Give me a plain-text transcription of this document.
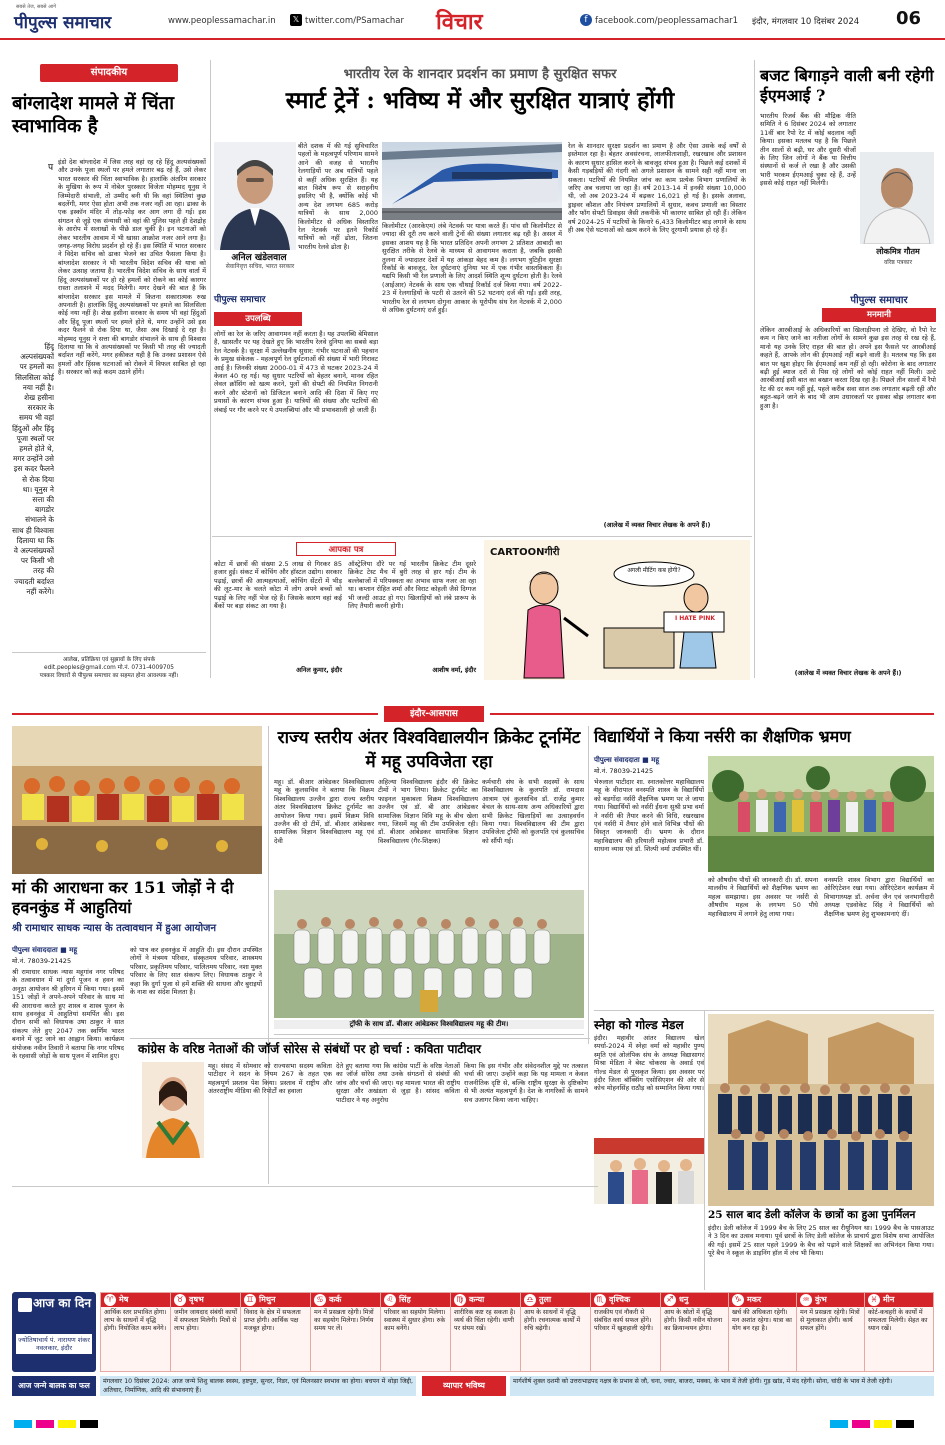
पीपुल्स समाचार
सबसे तेज, सबसे आगे
www.peoplessamachar.in	𝕏 twitter.com/PSamachar विचार	f facebook.com/peoplessamachar1 इंदौर, मंगलवार 10 दिसंबर 2024 06
संपादकीय
बांग्लादेश मामले में चिंता स्वाभाविक है
इंडो देश बांग्लादेश में जिस तरह वहां रह रहे हिंदू अल्पसंख्यकों और उनके पूजा स्थलों पर हमले लगातार बढ़ रहे हैं, उसे लेकर भारत सरकार की चिंता स्वाभाविक है। हालांकि अंतरिम सरकार के मुखिया के रूप में नोबेल पुरस्कार विजेता मोहम्मद यूनुस ने जिम्मेदारी संभाली, तो उम्मीद बनी थी कि वहां स्थितियां कुछ बदलेंगी, मगर ऐसा होता अभी तक नजर नहीं आ रहा। ढाका के एक इस्कॉन मंदिर में तोड़-फोड़ कर आग लगा दी गई। इस संगठन से जुड़े एक संन्यासी को वहां की पुलिस पहले ही देशद्रोह के आरोप में सलाखों के पीछे डाल चुकी है। इन घटनाओं को लेकर भारतीय आवाम में भी खासा आक्रोश नजर आने लगा है। जगह-जगह विरोध प्रदर्शन हो रहे हैं। इस स्थिति में भारत सरकार ने विदेश सचिव को ढाका भेजने का उचित फैसला किया है। बांग्लादेश सरकार ने भी भारतीय विदेश सचिव की यात्रा को लेकर उत्साह जताया है। भारतीय विदेश सचिव के साथ वार्ता में हिंदू अल्पसंख्यकों पर हो रहे हमलों को रोकने का कोई कारगर रास्ता तलाशने में मदद मिलेगी। मगर देखने की बात है कि बांग्लादेश सरकार इस मामले में कितना सकारात्मक रुख अपनाती है। हालांकि हिंदू अल्पसंख्यकों पर हमले का सिलसिला कोई नया नहीं है। शेख हसीना सरकार के समय भी वहां हिंदुओं और हिंदू पूजा स्थलों पर हमले होते थे, मगर उन्होंने उसे इस कदर फैलने से रोक दिया था, जैसा अब दिखाई दे रहा है। मोहम्मद यूनुस ने सत्ता की बागडोर संभालने के साथ ही विश्वास दिलाया था कि वे अल्पसंख्यकों पर किसी भी तरह की ज्यादती बर्दाश्त नहीं करेंगे, मगर हकीकत यही है कि उनका प्रशासन ऐसे हमलों और हिंसक घटनाओं को रोकने में विफल साबित हो रहा है। सरकार को कड़े कदम उठाने होंगे।
प
हिंदू अल्पसंख्यकों पर हमलों का सिलसिला कोई नया नहीं है। शेख हसीना सरकार के समय भी वहां हिंदुओं और हिंदू पूजा स्थलों पर हमले होते थे, मगर उन्होंने उसे इस कदर फैलने से रोक दिया था। यूनुस ने सत्ता की बागडोर संभालने के साथ ही विश्वास दिलाया था कि वे अल्पसंख्यकों पर किसी भी तरह की ज्यादती बर्दाश्त नहीं करेंगे।
आलेख, प्रतिक्रिया एवं सुझावों के लिए संपर्क
edit.peoples@gmail.com मो.नं. 0731-4009705
पत्रकार विचारों से पीपुल्स समाचार का सहमत होना आवश्यक नहीं।
भारतीय रेल के शानदार प्रदर्शन का प्रमाण है सुरक्षित सफर
स्मार्ट ट्रेनें : भविष्य में और सुरक्षित यात्राएं होंगी
अनिल खंडेलवाल
सेवानिवृत्त सचिव, भारत सरकार
बीते दशक में की गई सुविचारित पहलों के महत्वपूर्ण परिणाम सामने आने की वजह से भारतीय रेलगाड़ियों पर अब यात्रियों पहले से कहीं अधिक सुरक्षित हैं। यह बात विशेष रूप से सराहनीय इसलिए भी है, क्योंकि कोई भी अन्य देश लगभग 685 करोड़ यात्रियों के साथ 2,000 किलोमीटर से अधिक विस्तारित रेल नेटवर्क पर इतने रिकॉर्ड यात्रियों को नहीं ढोता, जितना भारतीय रेलवे ढोता है।
पीपुल्स समाचार
उपलब्धि
किलोमीटर (आरकेएम) लंबे नेटवर्क पर यात्रा करते हैं। पांच सौ किलोमीटर से ज्यादा की दूरी तय करने वाली ट्रेनों की संख्या लगातार बढ़ रही है। असल में इसका आशय यह है कि भारत प्रतिदिन अपनी लगभग 2 प्रतिशत आबादी का सुरक्षित तरीके से रेलवे के माध्यम से आवागमन कराता है, जबकि इसकी तुलना में ज्यादातर देशों में यह आंकड़ा बेहद कम है। लगभग त्रुटिहीन सुरक्षा रिकॉर्ड के बावजूद, रेल दुर्घटनाएं दुनिया भर में एक गंभीर वास्तविकता हैं। यद्यपि किसी भी रेल प्रणाली के लिए आदर्श स्थिति शून्य दुर्घटना होती है। रेलवे (आईआर) नेटवर्क के साथ एक चौथाई रिकॉर्ड दर्ज किया गया। वर्ष 2022-23 में रेलगाड़ियों के पटरी से उतरने की 52 घटनाएं दर्ज की गईं। इसी तरह, भारतीय रेल से लगभग दोगुना आकार के यूरोपीय संघ रेल नेटवर्क में 2,000 से अधिक दुर्घटनाएं दर्ज हुईं।
लोगों का रेल के जरिए आवागमन नहीं करता है। यह उपलब्धि बेमिसाल है, खासतौर पर यह देखते हुए कि भारतीय रेलवे दुनिया का सबसे बड़ा रेल नेटवर्क है। सुरक्षा में उल्लेखनीय सुधार: गंभीर घटनाओं की पहचान के प्रमुख संकेतक - महत्वपूर्ण रेल दुर्घटनाओं की संख्या में भारी गिरावट आई है। जिनकी संख्या 2000-01 में 473 से घटकर 2023-24 में केवल 40 रह गई। यह सुधार पटरियों को बेहतर बनाने, मानव रहित लेवल क्रॉसिंग को खत्म करने, पुलों की सेफ्टी की नियमित निगरानी करने और स्टेशनों को डिजिटल बनाने आदि की दिशा में किए गए प्रयासों के कारण संभव हुआ है। यात्रियों की संख्या और पटरियों की लंबाई पर गौर करने पर ये उपलब्धियां और भी प्रभावशाली हो जाती हैं।
रेल के शानदार सुरक्षा प्रदर्शन का प्रमाण है और ऐसा उसके कई वर्षों से इस्तेमाल रहा है। बेहतर अवसंरचना, लालफीताशाही, रखरखाव और प्रशासन के कारण सुधार हासिल करने के बावजूद संभव हुआ है। पिछले कई दशकों में कैसी गड़बड़ियों की गंदगी को अगले प्रशासन के सामने सही नहीं माना जा सकता। पटरियों की नियमित जांच का काम प्रत्येक विभाग प्रणालियों के जरिए अब चलाया जा रहा है। वर्ष 2013-14 में इनकी संख्या 10,000 थी, जो अब 2023-24 में बढ़कर 16,021 हो गई है। इसके अलावा, ड्राइवर कौशल और नियंत्रण प्रणालियों में सुधार, कवच प्रणाली का विस्तार और फॉग सेफ्टी डिवाइस जैसी तकनीकें भी कारगर साबित हो रही हैं। लेकिन वर्ष 2024-25 में पटरियों के किनारे 6,433 किलोमीटर बाड़ लगाने के साथ ही अब ऐसे घटनाओं को खत्म करने के लिए दूरगामी प्रयास हो रहे हैं।
(आलेख में व्यक्त विचार लेखक के अपने हैं।)
आपका पत्र
कोटा में छात्रों की संख्या 2.5 लाख से गिरकर 85 हजार हुई। संकट में कोचिंग और हॉस्टल उद्योग। सरकार पढ़ाई, छात्रों की आत्महत्याओं, कोचिंग सेंटरों में भीड़ की लूट-मार के चलते कोटा में लोग अपने बच्चों को पढ़ाई के लिए नहीं भेज रहे हैं। जिसके कारण वहां कई बैंकों पर बड़ा संकट आ गया है।
अनिल कुमार, इंदौर
ऑस्ट्रेलिया दौरे पर गई भारतीय क्रिकेट टीम दूसरे क्रिकेट टेस्ट मैच में बुरी तरह से हार गई। टीम के बल्लेबाजों में परिपक्वता का अभाव साफ नजर आ रहा था। कप्तान रोहित शर्मा और विराट कोहली जैसे दिग्गज भी जल्दी आउट हो गए। खिलाड़ियों को लंबे प्रारूप के लिए तैयारी करनी होगी।
आशीष वर्मा, इंदौर
CARTOONगीरी
अगली मीटिंग कब होगी?
I HATE PINK
बजट बिगाड़ने वाली बनी रहेगी ईएमआई ?
भारतीय रिजर्व बैंक की मौद्रिक नीति समिति ने 6 दिसंबर 2024 को लगातार 11वीं बार रैपो रेट में कोई बदलाव नहीं किया। इसका मतलब यह है कि पिछले तीन सालों से बढ़ी, घर और दूसरी चीजों के लिए जिन लोगों ने बैंक या वित्तीय संस्थानों से कर्ज ले रखा है और उसकी भारी भरकम ईएमआई चुका रहे हैं, उन्हें इससे कोई राहत नहीं मिलेगी।
लोकमित्र गौतम
वरिष्ठ पत्रकार
पीपुल्स समाचार
मनमानी
लेकिन आरबीआई के अधिकारियों का खिलाड़ीपना तो देखिए, वो रैपो रेट कम न किए जाने का नतीजा लोगों के सामने कुछ इस तरह से रख रहे हैं, मानो यह उनके लिए राहत की बात हो। अपने इस फैसले पर आरबीआई कहते हैं, आपके लोन की ईएमआई नहीं बढ़ने वाली है। मतलब यह कि इस बात पर खुश होइए कि ईएमआई कम नहीं हो रही। कोरोना के बाद लगातार बढ़ी हुई ब्याज दरों से पिस रहे लोगों को कोई राहत नहीं मिली। उल्टे आरबीआई इसी बात का बखान करता दिख रहा है। पिछले तीन सालों में रैपो रेट की दर कम नहीं हुई, पहले करीब सवा साल तक लगातार बढ़ती रही और बहुत-बढ़ने जाने के बाद भी आम उधारकर्ता पर इसका बोझ लगातार बना हुआ है।
(आलेख में व्यक्त विचार लेखक के अपने हैं।)
इंदौर-आसपास
मां की आराधना कर 151 जोड़ों ने दी हवनकुंड में आहुतियां
श्री रामाधार साधक न्यास के तत्वावधान में हुआ आयोजन
पीपुल्स संवाददाता ■ महू
मो.नं. 78039-21425
श्री रामाधार साधक न्यास महूगांव नगर परिषद के तत्वावधान में मां दुर्गा पूजन व हवन का अनूठा आयोजन श्री हरिगन में किया गया। इसमें 151 जोड़ों ने अपने-अपने परिवार के साथ मां की आराधना करते हुए शास्त्र व शास्त्र पूजन के साथ हवनकुंड में आहुतियां समर्पित की। इस दौरान सभी को विधायक उषा ठाकुर ने सात संकल्प लेते हुए 2047 तक स्वर्णिम भारत बनाने में जुट जाने का आह्वान किया। कार्यक्रम संयोजक नवीन तिवारी ने बताया कि नगर परिषद के रहवासी जोड़ों के साथ पूजन में शामिल हुए।
को पात्र कर हवनकुंड में आहुति दी। इस दौरान उपस्थित लोगों ने मंत्रमय परिवार, संस्कृतमय परिवार, शास्त्रमय परिवार, प्रकृतिमय परिवार, पालितमय परिवार, नशा मुक्त परिवार के लिए सात संकल्प लिए। विधायक ठाकुर ने कहा कि दुर्गा पूजा से हमें शक्ति की साधना और बुराइयों के नाश का संदेश मिलता है।
राज्य स्तरीय अंतर विश्वविद्यालयीन क्रिकेट टूर्नामेंट में महू उपविजेता रहा
महू। डॉ. बीआर आंबेडकर विश्वविद्यालय महू के कुलसचिव ने बताया कि विक्रम विश्वविद्यालय उज्जैन द्वारा राज्य स्तरीय अंतर विश्वविद्यालय क्रिकेट टूर्नामेंट का आयोजन किया गया। इसमें विक्रम विवि उज्जैन की दो टीमें, डॉ. बीआर आंबेडकर सामाजिक विज्ञान विश्वविद्यालय महू एवं देवी
अहिल्या विश्वविद्यालय इंदौर की क्रिकेट टीमों ने भाग लिया। क्रिकेट टूर्नामेंट का फाइनल मुकाबला विक्रम विश्वविद्यालय उज्जैन एवं डॉ. बी आर आंबेडकर सामाजिक विज्ञान विवि महू के बीच खेला गया, जिसमें महू की टीम उपविजेता रही। डॉ. बीआर आंबेडकर सामाजिक विज्ञान विश्वविद्यालय (गैर-शिक्षक)
कर्मचारी संघ के सभी सदस्यों के साथ विश्वविद्यालय के कुलपति डॉ. रामदास आत्राम एवं कुलसचिव डॉ. राजेंद्र कुमार बेचल के साथ-साथ अन्य अधिकारियों द्वारा सभी क्रिकेट खिलाड़ियों का उत्साहवर्धन किया गया। विश्वविद्यालय की टीम द्वारा उपविजेता ट्रॉफी को कुलपति एवं कुलसचिव को सौंपी गई।
ट्रॉफी के साथ डॉ. बीआर आंबेडकर विश्वविद्यालय महू की टीम।
विद्यार्थियों ने किया नर्सरी का शैक्षणिक भ्रमण
पीपुल्स संवाददाता ■ महू
मो.नं. 78039-21425
भेरुलाल पाटीदार शा. स्नातकोत्तर महाविद्यालय महू के वीरापाल वनस्पति शास्त्र के विद्यार्थियों को बड़गोंदा नर्सरी शैक्षणिक भ्रमण पर ले जाया गया। विद्यार्थियों को नर्सरी ईंधना सुश्री प्रभा वर्मा ने नर्सरी की तैयार करने की विधि, रखरखाव एवं नर्सरी में तैयार होने वाले विभिन्न पौधों की विस्तृत जानकारी दी। भ्रमण के दौरान महाविद्यालय की हरियाली महोत्सव प्रभारी डॉ. साधना व्यास एवं डॉ. शिल्पी वर्मा उपस्थित थीं।
को औषधीय पौधों की जानकारी दी। डॉ. सपना मालवीय ने विद्यार्थियों को शैक्षणिक भ्रमण का महत्व समझाया। इस अवसर पर नर्सरी से औषधीय महत्व के लगभग 50 पौधे महाविद्यालय में लगाने हेतु लाया गया।
वनस्पति शास्त्र विभाग द्वारा विद्यार्थियों का ओरिएंटेशन रखा गया। ओरिएंटेशन कार्यक्रम में विभागाध्यक्ष डॉ. अर्चना जैन एवं जनभागीदारी अध्यक्ष एडवोकेट सिंह ने विद्यार्थियों को शैक्षणिक भ्रमण हेतु शुभकामनाएं दीं।
स्नेहा को गोल्ड मेडल
इंदौर। महावीर आंतर विद्यालय खेल स्पर्धा-2024 में स्नेहा वर्मा को महावीर पुण्य स्मृति एवं ओलंपिक संघ के अध्यक्ष विद्यासागर मिश्रा मेडिता ने बेस्ट चोकरस के अवार्ड एवं गोल्ड मेडल से पुरस्कृत किया। इस अवसर पर इंदौर जिला बॉक्सिंग एसोसिएशन की ओर से कोच मोहनसिंह राठौड़ को सम्मानित किया गया।
25 साल बाद डेली कॉलेज के छात्रों का हुआ पुनर्मिलन
इंदौर। डेली कॉलेज में 1999 बैच के लिए 25 साल का रीयूनियन था। 1999 बैच के पासआउट ने 3 दिन का उत्सव मनाया। पूर्व छात्रों के लिए डेली कॉलेज के प्राचार्य द्वारा विशेष सभा आयोजित की गई। इसमें 25 साल पहले 1999 के बैच को पढ़ाने वाले शिक्षकों का अभिनंदन किया गया। पूरे बैच ने स्कूल के डाइनिंग हॉल में लंच भी किया।
कांग्रेस के वरिष्ठ नेताओं की जॉर्ज सोरेस से संबंधों पर हो चर्चा : कविता पाटीदार
महू। संसद में सोमवार को राज्यसभा सदस्य कविता पाटीदार ने सदन के नियम 267 के तहत एक महत्वपूर्ण प्रस्ताव पेश किया। प्रस्ताव में राष्ट्रीय और अंतरराष्ट्रीय मीडिया की रिपोर्टों का हवाला
देते हुए बताया गया कि कांग्रेस पार्टी के वरिष्ठ नेताओं का जॉर्ज सोरेस तथा उनके संगठनों से संबंधों की जांच और चर्चा की जाए। यह मामला भारत की राष्ट्रीय सुरक्षा और अखंडता से जुड़ा है। सांसद कविता पाटीदार ने यह अनुरोध
किया कि इस गंभीर और संवेदनशील मुद्दे पर तत्काल चर्चा की जाए। उन्होंने कहा कि यह मामला न केवल राजनीतिक दृष्टि से, बल्कि राष्ट्रीय सुरक्षा के दृष्टिकोण से भी अत्यंत महत्वपूर्ण है। देश के नागरिकों के सामने सच उजागर किया जाना चाहिए।
आज का दिन
ज्योतिषाचार्य पं. नारायण शंकर नवलकार, इंदौर
♈ मेष
आर्थिक स्तर प्रभावित होगा। लाभ के साधनों में वृद्धि होगी। नियोजित काम बनेंगे।
♉ वृषभ
जमीन जायदाद संबंधी कार्यों में सफलता मिलेगी। मित्रों से लाभ होगा।
♊ मिथुन
विवाद के क्षेत्र में सफलता प्राप्त होगी। आर्थिक पक्ष मजबूत होगा।
♋ कर्क
मन में प्रसन्नता रहेगी। मित्रों का सहयोग मिलेगा। निर्णय समय पर लें।
♌ सिंह
परिवार का सहयोग मिलेगा। स्वास्थ्य में सुधार होगा। रुके काम बनेंगे।
♍ कन्या
शारीरिक कष्ट रह सकता है। व्यर्थ की चिंता रहेगी। वाणी पर संयम रखें।
♎ तुला
आय के साधनों में वृद्धि होगी। रचनात्मक कार्यों में रुचि बढ़ेगी।
♏ वृश्चिक
राजकीय एवं नौकरी से संबंधित कार्य सफल होंगे। परिवार में खुशहाली रहेगी।
♐ धनु
आय के स्रोतों में वृद्धि होगी। किसी नवीन योजना का क्रियान्वयन होगा।
♑ मकर
खर्च की अधिकता रहेगी। मन अशांत रहेगा। यात्रा का योग बन रहा है।
♒ कुंभ
मन में प्रसन्नता रहेगी। मित्रों से मुलाकात होगी। कार्य सफल होंगे।
♓ मीन
कोर्ट-कचहरी के कार्यों में सफलता मिलेगी। सेहत का ध्यान रखें।
आज जन्मे बालक का फल	मंगलवार 10 दिसंबर 2024: आज जन्मे शिशु बालक स्वस्थ, हष्टपुष्ट, सुन्दर, निडर, एवं मिलनसार स्वभाव का होगा। बचपन में थोड़ा जिद्दी, अतिचार, निर्माणिक, आदि की संभावनाएं हैं।
व्यापार भविष्य	मार्गशीर्ष शुक्ल दशमी को उत्तराभाद्रपद नक्षत्र के प्रभाव से जौ, चना, ज्वार, बाजरा, मक्का, के भाव में तेजी होगी। गुड़ खांड, में मंद रहेगी। सोना, चांदी के भाव में तेजी रहेगी।
